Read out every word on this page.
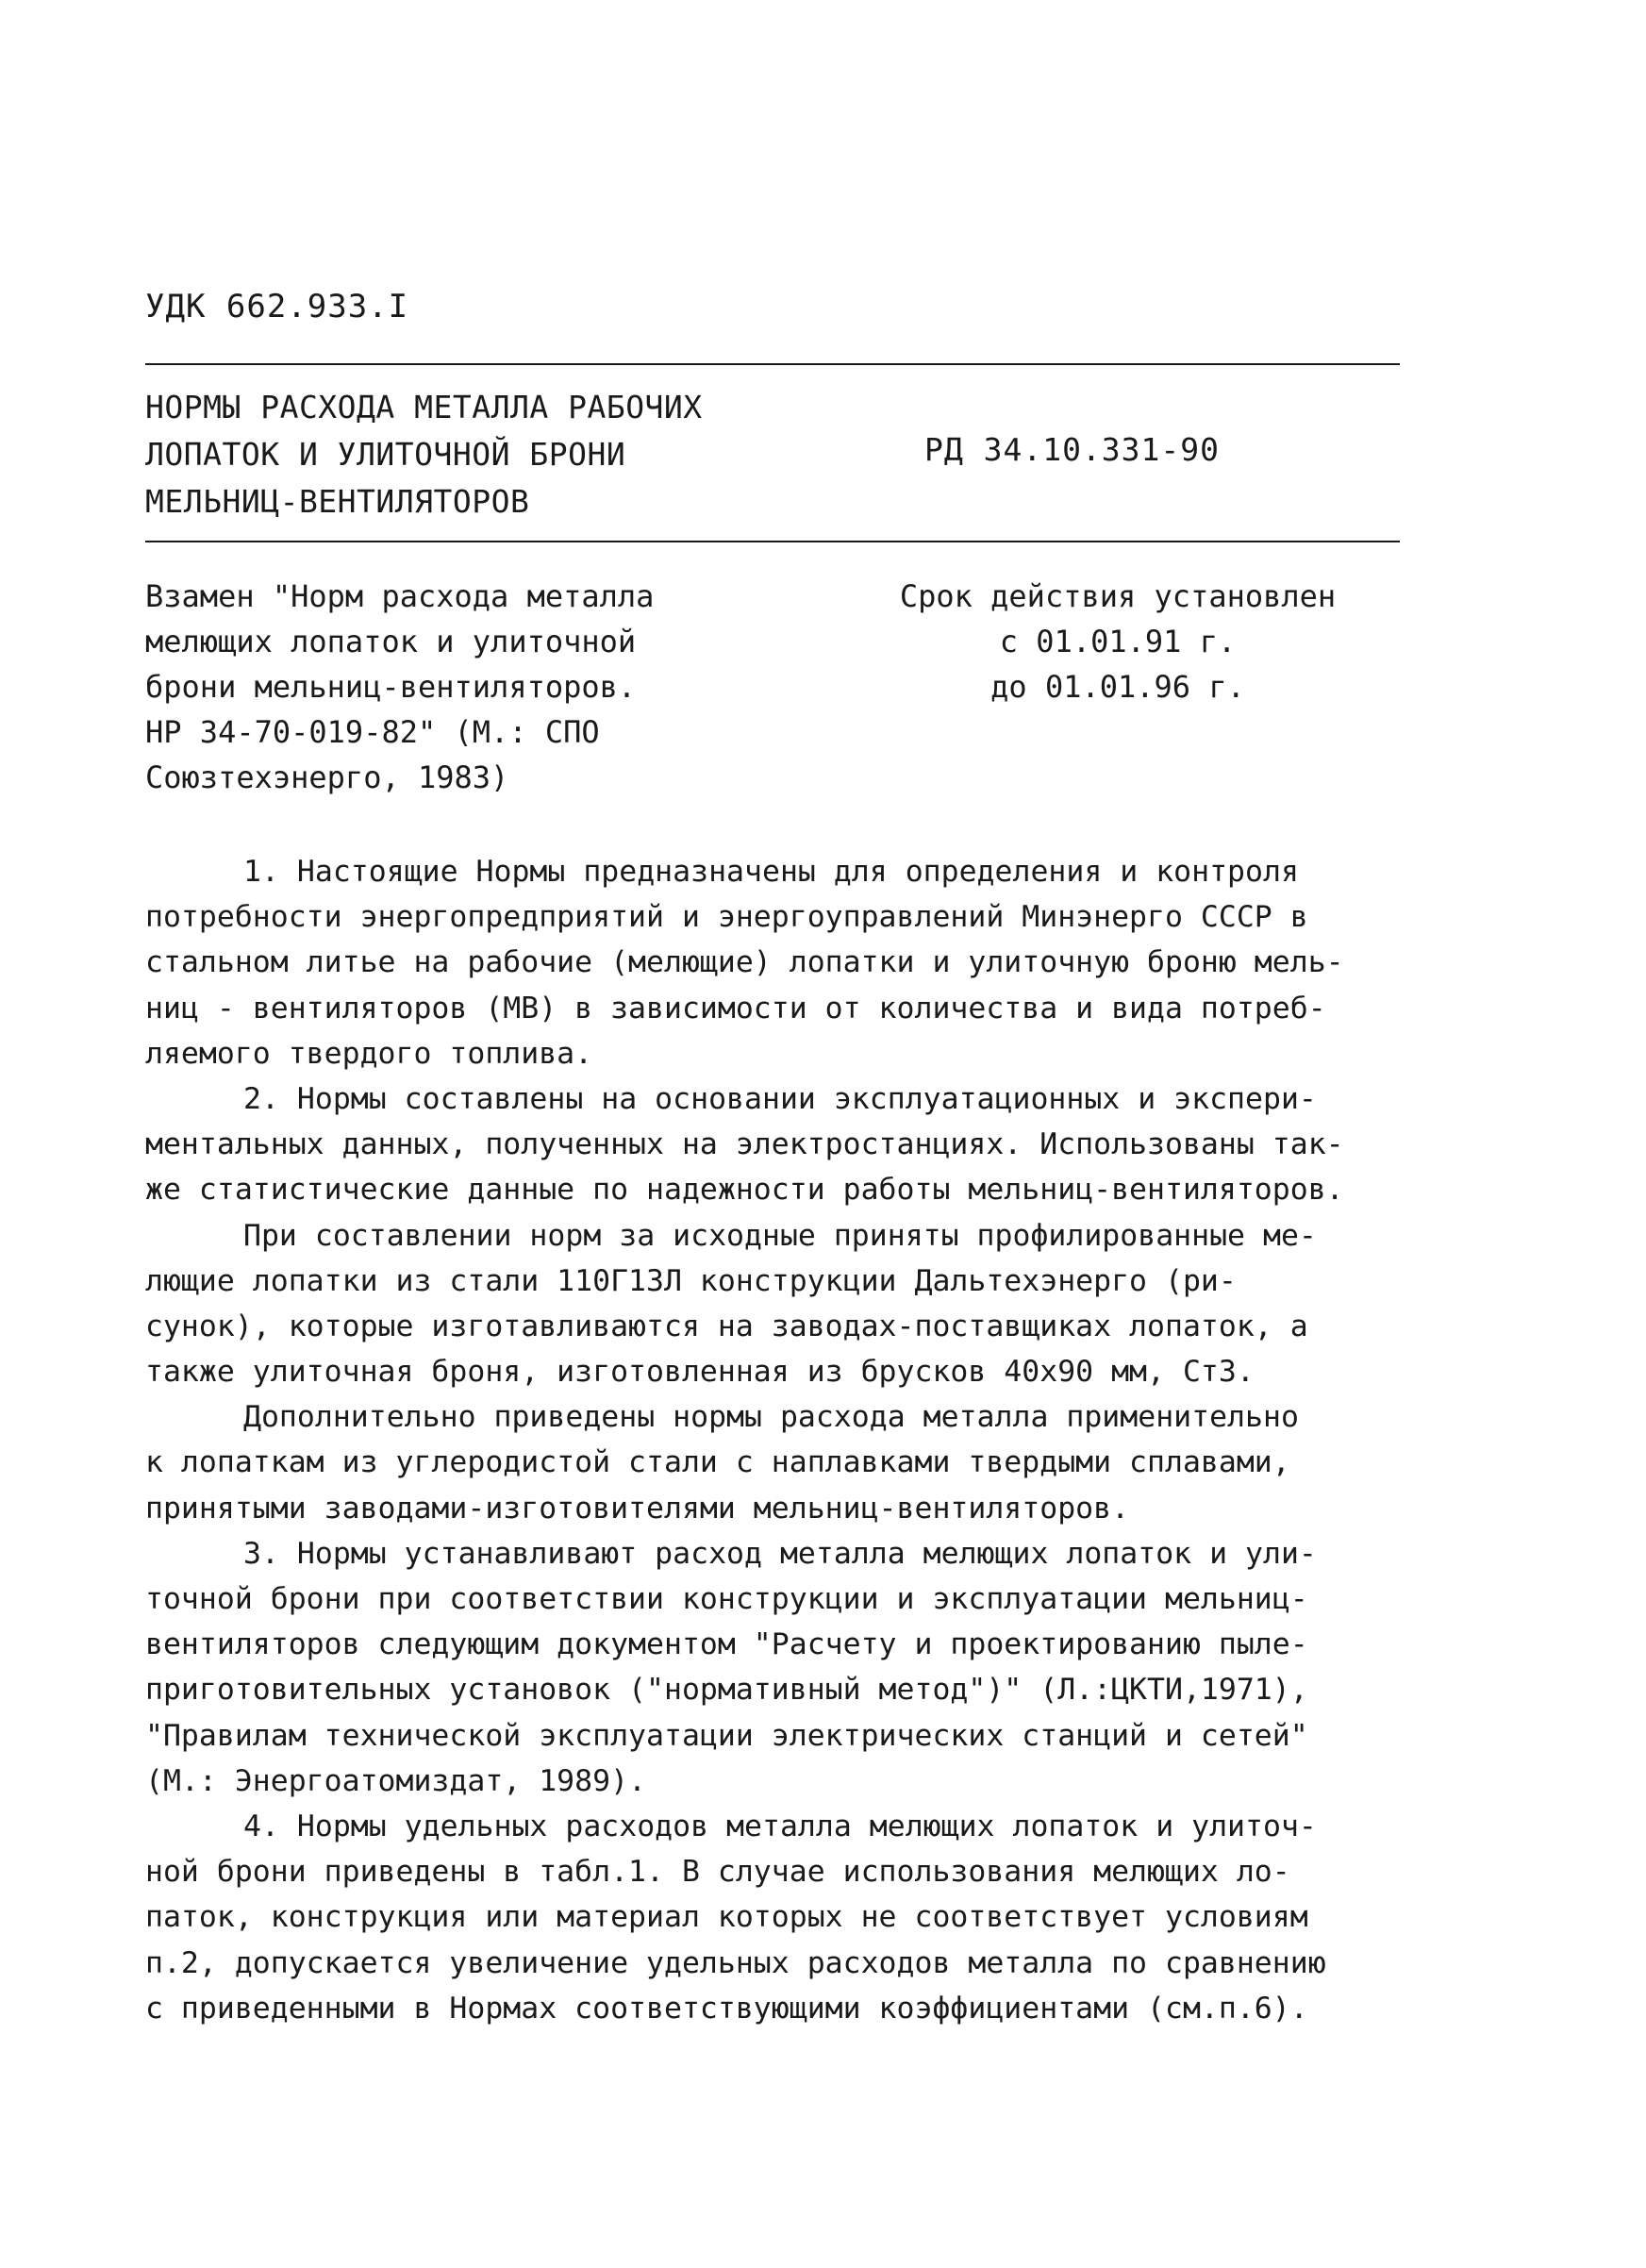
УДК 662.933.I
НОРМЫ РАСХОДА МЕТАЛЛА РАБОЧИХ
ЛОПАТОК И УЛИТОЧНОЙ БРОНИ
МЕЛЬНИЦ-ВЕНТИЛЯТОРОВ
РД 34.10.331-90
Взамен "Норм расхода металла
мелющих лопаток и улиточной
брони мельниц-вентиляторов.
НР 34-70-019-82" (М.: СПО
Союзтехэнерго, 1983)
Срок действия установлен
с 01.01.91 г.
до 01.01.96 г.
1. Настоящие Нормы предназначены для определения и контроля
потребности энергопредприятий и энергоуправлений Минэнерго СССР в
стальном литье на рабочие (мелющие) лопатки и улиточную броню мель-
ниц - вентиляторов (МВ) в зависимости от количества и вида потреб-
ляемого твердого топлива.
2. Нормы составлены на основании эксплуатационных и экспери-
ментальных данных, полученных на электростанциях. Использованы так-
же статистические данные по надежности работы мельниц-вентиляторов.
При составлении норм за исходные приняты профилированные ме-
лющие лопатки из стали 110Г13Л конструкции Дальтехэнерго (ри-
сунок), которые изготавливаются на заводах-поставщиках лопаток, а
также улиточная броня, изготовленная из брусков 40х90 мм, Ст3.
Дополнительно приведены нормы расхода металла применительно
к лопаткам из углеродистой стали с наплавками твердыми сплавами,
принятыми заводами-изготовителями мельниц-вентиляторов.
3. Нормы устанавливают расход металла мелющих лопаток и ули-
точной брони при соответствии конструкции и эксплуатации мельниц-
вентиляторов следующим документом "Расчету и проектированию пыле-
приготовительных установок ("нормативный метод")" (Л.:ЦКТИ,1971),
"Правилам технической эксплуатации электрических станций и сетей"
(М.: Энергоатомиздат, 1989).
4. Нормы удельных расходов металла мелющих лопаток и улиточ-
ной брони приведены в табл.1. В случае использования мелющих ло-
паток, конструкция или материал которых не соответствует условиям
п.2, допускается увеличение удельных расходов металла по сравнению
с приведенными в Нормах соответствующими коэффициентами (см.п.6).
